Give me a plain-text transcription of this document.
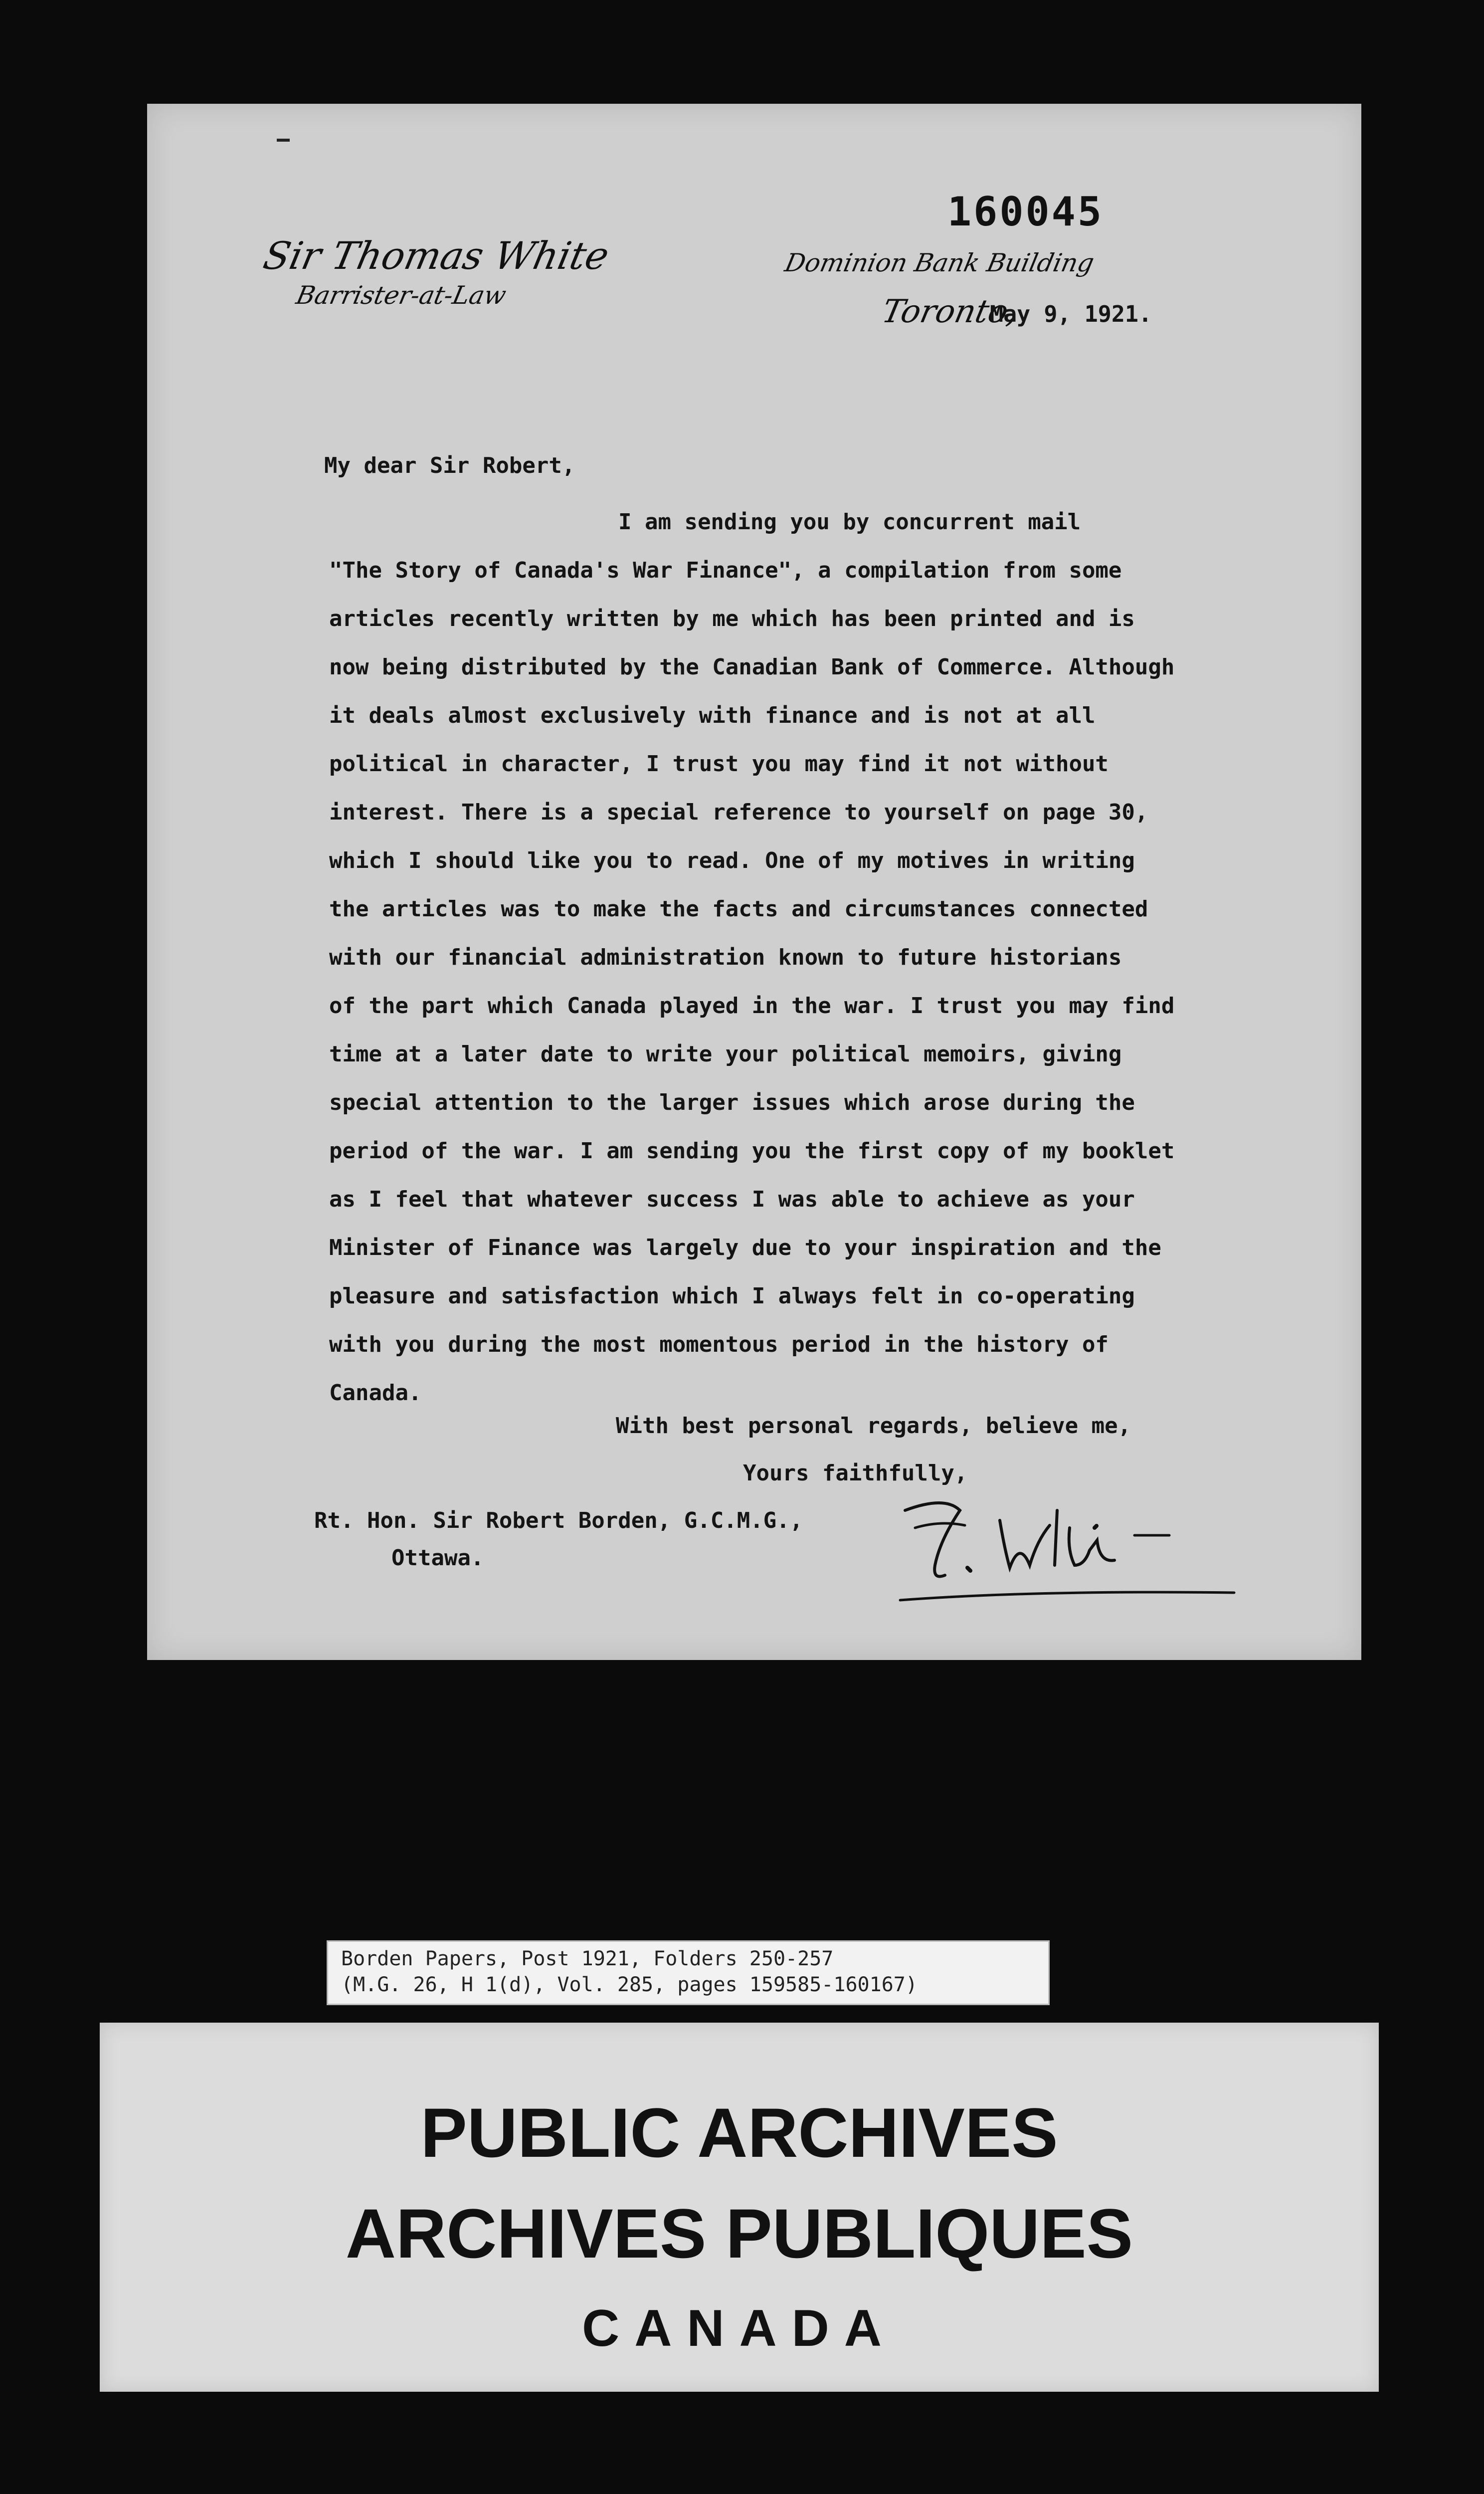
160045
Sir Thomas White
Barrister-at-Law
Dominion Bank Building
Toronto,
May 9, 1921.
My dear Sir Robert,
I am sending you by concurrent mail
"The Story of Canada's War Finance", a compilation from some
articles recently written by me which has been printed and is
now being distributed by the Canadian Bank of Commerce. Although
it deals almost exclusively with finance and is not at all
political in character, I trust you may find it not without
interest. There is a special reference to yourself on page 30,
which I should like you to read. One of my motives in writing
the articles was to make the facts and circumstances connected
with our financial administration known to future historians
of the part which Canada played in the war. I trust you may find
time at a later date to write your political memoirs, giving
special attention to the larger issues which arose during the
period of the war. I am sending you the first copy of my booklet
as I feel that whatever success I was able to achieve as your
Minister of Finance was largely due to your inspiration and the
pleasure and satisfaction which I always felt in co-operating
with you during the most momentous period in the history of
Canada.
With best personal regards, believe me,
Yours faithfully,
Rt. Hon. Sir Robert Borden, G.C.M.G.,
Ottawa.
Borden Papers, Post 1921, Folders 250-257
(M.G. 26, H 1(d), Vol. 285, pages 159585-160167)
PUBLIC ARCHIVES
ARCHIVES PUBLIQUES
CANADA
